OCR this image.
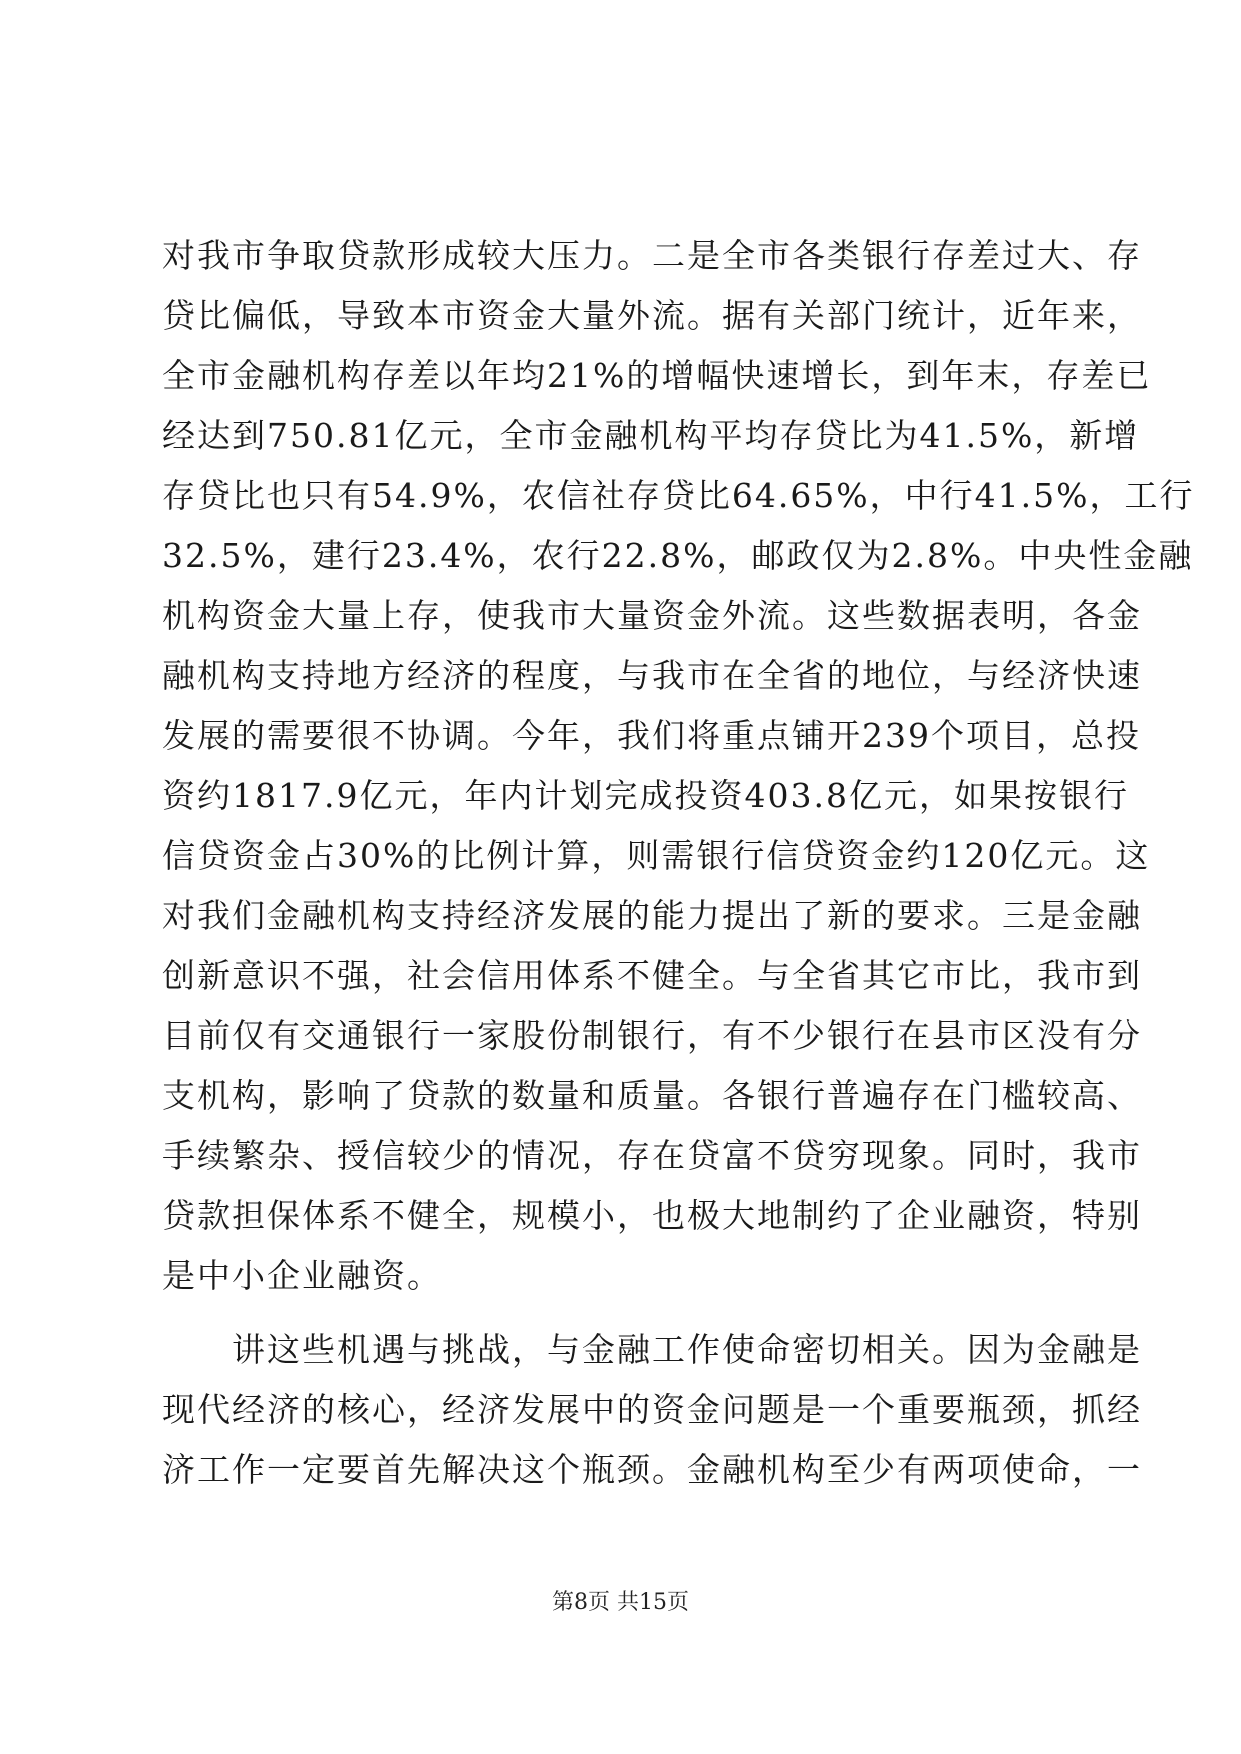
对我市争取贷款形成较大压力。二是全市各类银行存差过大、存
贷比偏低，导致本市资金大量外流。据有关部门统计，近年来，
全市金融机构存差以年均21%的增幅快速增长，到年末，存差已
经达到750.81亿元，全市金融机构平均存贷比为41.5%，新增
存贷比也只有54.9%，农信社存贷比64.65%，中行41.5%，工行
32.5%，建行23.4%，农行22.8%，邮政仅为2.8%。中央性金融
机构资金大量上存，使我市大量资金外流。这些数据表明，各金
融机构支持地方经济的程度，与我市在全省的地位，与经济快速
发展的需要很不协调。今年，我们将重点铺开239个项目，总投
资约1817.9亿元，年内计划完成投资403.8亿元，如果按银行
信贷资金占30%的比例计算，则需银行信贷资金约120亿元。这
对我们金融机构支持经济发展的能力提出了新的要求。三是金融
创新意识不强，社会信用体系不健全。与全省其它市比，我市到
目前仅有交通银行一家股份制银行，有不少银行在县市区没有分
支机构，影响了贷款的数量和质量。各银行普遍存在门槛较高、
手续繁杂、授信较少的情况，存在贷富不贷穷现象。同时，我市
贷款担保体系不健全，规模小，也极大地制约了企业融资，特别
是中小企业融资。
讲这些机遇与挑战，与金融工作使命密切相关。因为金融是
现代经济的核心，经济发展中的资金问题是一个重要瓶颈，抓经
济工作一定要首先解决这个瓶颈。金融机构至少有两项使命，一
第8页 共15页
